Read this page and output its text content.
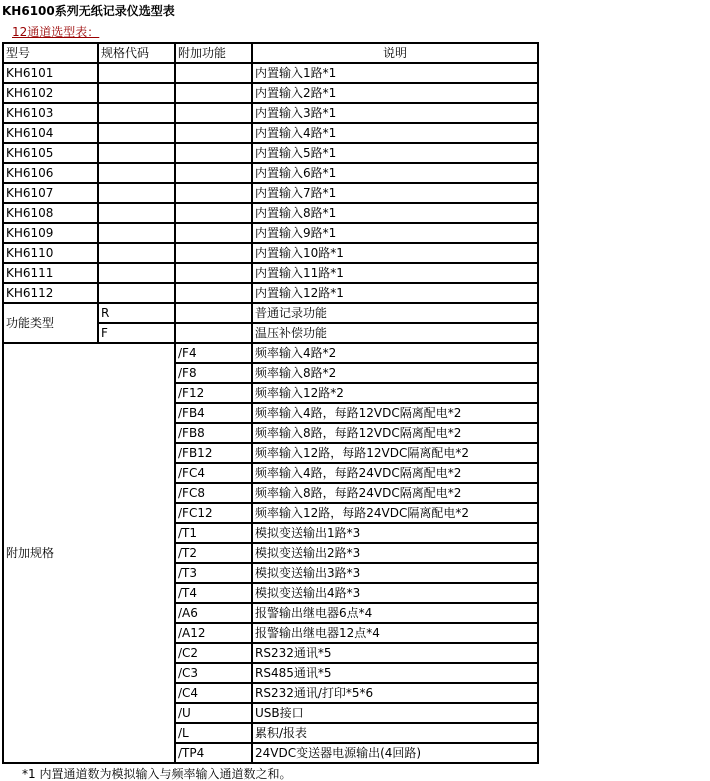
KH6100系列无纸记录仪选型表
12通道选型表：
型号	规格代码	附加功能	说明
KH6101			内置输入1路*1
KH6102			内置输入2路*1
KH6103			内置输入3路*1
KH6104			内置输入4路*1
KH6105			内置输入5路*1
KH6106			内置输入6路*1
KH6107			内置输入7路*1
KH6108			内置输入8路*1
KH6109			内置输入9路*1
KH6110			内置输入10路*1
KH6111			内置输入11路*1
KH6112			内置输入12路*1
功能类型	R		普通记录功能
	F		温压补偿功能
附加规格		/F4	频率输入4路*2
		/F8	频率输入8路*2
		/F12	频率输入12路*2
		/FB4	频率输入4路，每路12VDC隔离配电*2
		/FB8	频率输入8路，每路12VDC隔离配电*2
		/FB12	频率输入12路，每路12VDC隔离配电*2
		/FC4	频率输入4路，每路24VDC隔离配电*2
		/FC8	频率输入8路，每路24VDC隔离配电*2
		/FC12	频率输入12路，每路24VDC隔离配电*2
		/T1	模拟变送输出1路*3
		/T2	模拟变送输出2路*3
		/T3	模拟变送输出3路*3
		/T4	模拟变送输出4路*3
		/A6	报警输出继电器6点*4
		/A12	报警输出继电器12点*4
		/C2	RS232通讯*5
		/C3	RS485通讯*5
		/C4	RS232通讯/打印*5*6
		/U	USB接口
		/L	累积/报表
		/TP4	24VDC变送器电源输出(4回路)
*1 内置通道数为模拟输入与频率输入通道数之和。
